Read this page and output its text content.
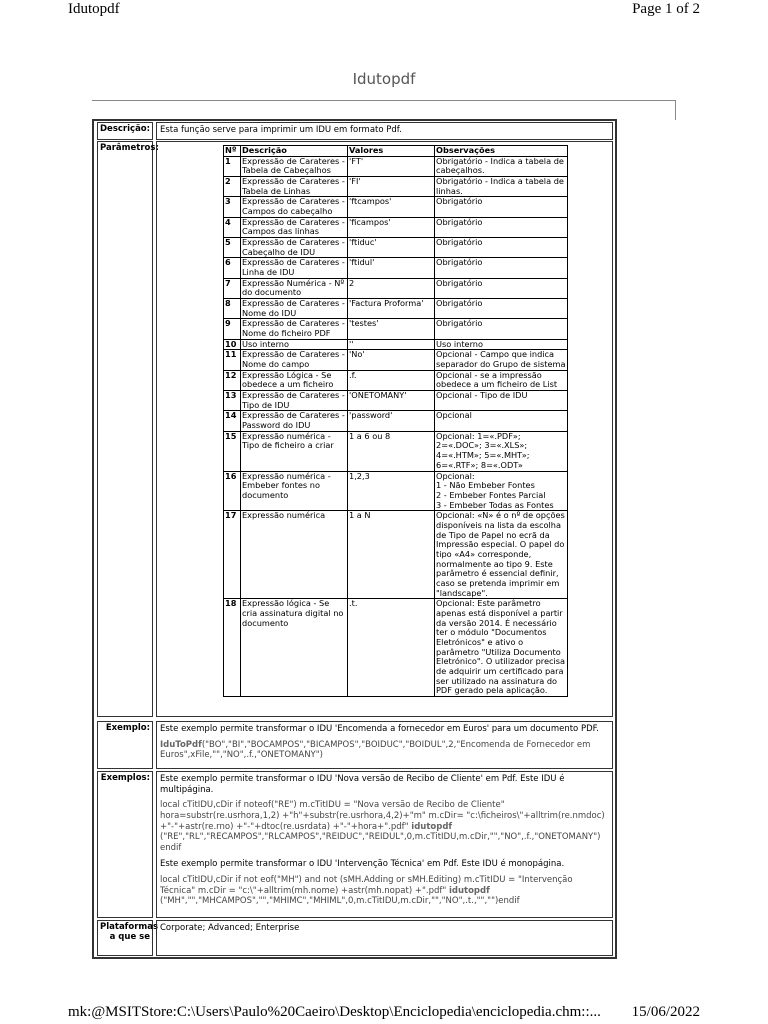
Idutopdf	Page 1 of 2
Idutopdf
Descrição:	Esta função serve para imprimir um IDU em formato Pdf.
Parâmetros:	Nº	Descrição	Valores	Observações
1	Expressão de Carateres - Tabela de Cabeçalhos	'FT'	Obrigatório - Indica a tabela de cabeçalhos.
2	Expressão de Carateres - Tabela de Linhas	'FI'	Obrigatório - Indica a tabela de linhas.
3	Expressão de Carateres - Campos do cabeçalho	'ftcampos'	Obrigatório
4	Expressão de Carateres - Campos das linhas	'ficampos'	Obrigatório
5	Expressão de Carateres - Cabeçalho de IDU	'ftiduc'	Obrigatório
6	Expressão de Carateres - Linha de IDU	'ftidul'	Obrigatório
7	Expressão Numérica - Nº do documento	2	Obrigatório
8	Expressão de Carateres - Nome do IDU	'Factura Proforma'	Obrigatório
9	Expressão de Carateres - Nome do ficheiro PDF	'testes'	Obrigatório
10	Uso interno	''	Uso interno
11	Expressão de Carateres - Nome do campo	'No'	Opcional - Campo que indica separador do Grupo de sistema
12	Expressão Lógica - Se obedece a um ficheiro	.f.	Opcional - se a impressão obedece a um ficheiro de List
13	Expressão de Carateres - Tipo de IDU	'ONETOMANY'	Opcional - Tipo de IDU
14	Expressão de Carateres - Password do IDU	'password'	Opcional
15	Expressão numérica - Tipo de ficheiro a criar	1 a 6 ou 8	Opcional: 1=«.PDF»; 2=«.DOC»; 3=«.XLS»; 4=«.HTM»; 5=«.MHT»; 6=«.RTF»; 8=«.ODT»
16	Expressão numérica - Embeber fontes no documento	1,2,3	Opcional:
1 - Não Embeber Fontes
2 - Embeber Fontes Parcial
3 - Embeber Todas as Fontes
17	Expressão numérica	1 a N	Opcional: «N» é o nº de opções disponíveis na lista da escolha de Tipo de Papel no ecrã da Impressão especial. O papel do tipo «A4» corresponde, normalmente ao tipo 9. Este parâmetro é essencial definir, caso se pretenda imprimir em "landscape".
18	Expressão lógica - Se cria assinatura digital no documento	.t.	Opcional: Este parâmetro apenas está disponível a partir da versão 2014. É necessário ter o módulo "Documentos Eletrónicos" e ativo o parâmetro "Utiliza Documento Eletrónico". O utilizador precisa de adquirir um certificado para ser utilizado na assinatura do PDF gerado pela aplicação.
Exemplo:	Este exemplo permite transformar o IDU 'Encomenda a fornecedor em Euros' para um documento PDF.

IduToPdf("BO","BI","BOCAMPOS","BICAMPOS","BOIDUC","BOIDUL",2,"Encomenda de Fornecedor em Euros",xFile,"","NO",.f.,"ONETOMANY")
Exemplos:	Este exemplo permite transformar o IDU 'Nova versão de Recibo de Cliente' em Pdf. Este IDU é multipágina.

local cTitIDU,cDir if noteof("RE") m.cTitIDU = "Nova versão de Recibo de Cliente" hora=substr(re.usrhora,1,2) +"h"+substr(re.usrhora,4,2)+"m" m.cDir= "c:\ficheiros\"+alltrim(re.nmdoc) +"-"+astr(re.rno) +"-"+dtoc(re.usrdata) +"-"+hora+".pdf" idutopdf ("RE","RL","RECAMPOS","RLCAMPOS","REIDUC","REIDUL",0,m.cTitIDU,m.cDir,"","NO",.f.,"ONETOMANY") endif

Este exemplo permite transformar o IDU 'Intervenção Técnica' em Pdf. Este IDU é monopágina.

local cTitIDU,cDir if not eof("MH") and not (sMH.Adding or sMH.Editing) m.cTitIDU = "Intervenção Técnica" m.cDir = "c:\"+alltrim(mh.nome) +astr(mh.nopat) +".pdf" idutopdf ("MH","","MHCAMPOS","","MHIMC","MHIML",0,m.cTitIDU,m.cDir,"","NO",.t.,"","")endif
Plataformas a que se
Corporate; Advanced; Enterprise
mk:@MSITStore:C:\Users\Paulo%20Caeiro\Desktop\Enciclopedia\enciclopedia.chm::... 15/06/2022
